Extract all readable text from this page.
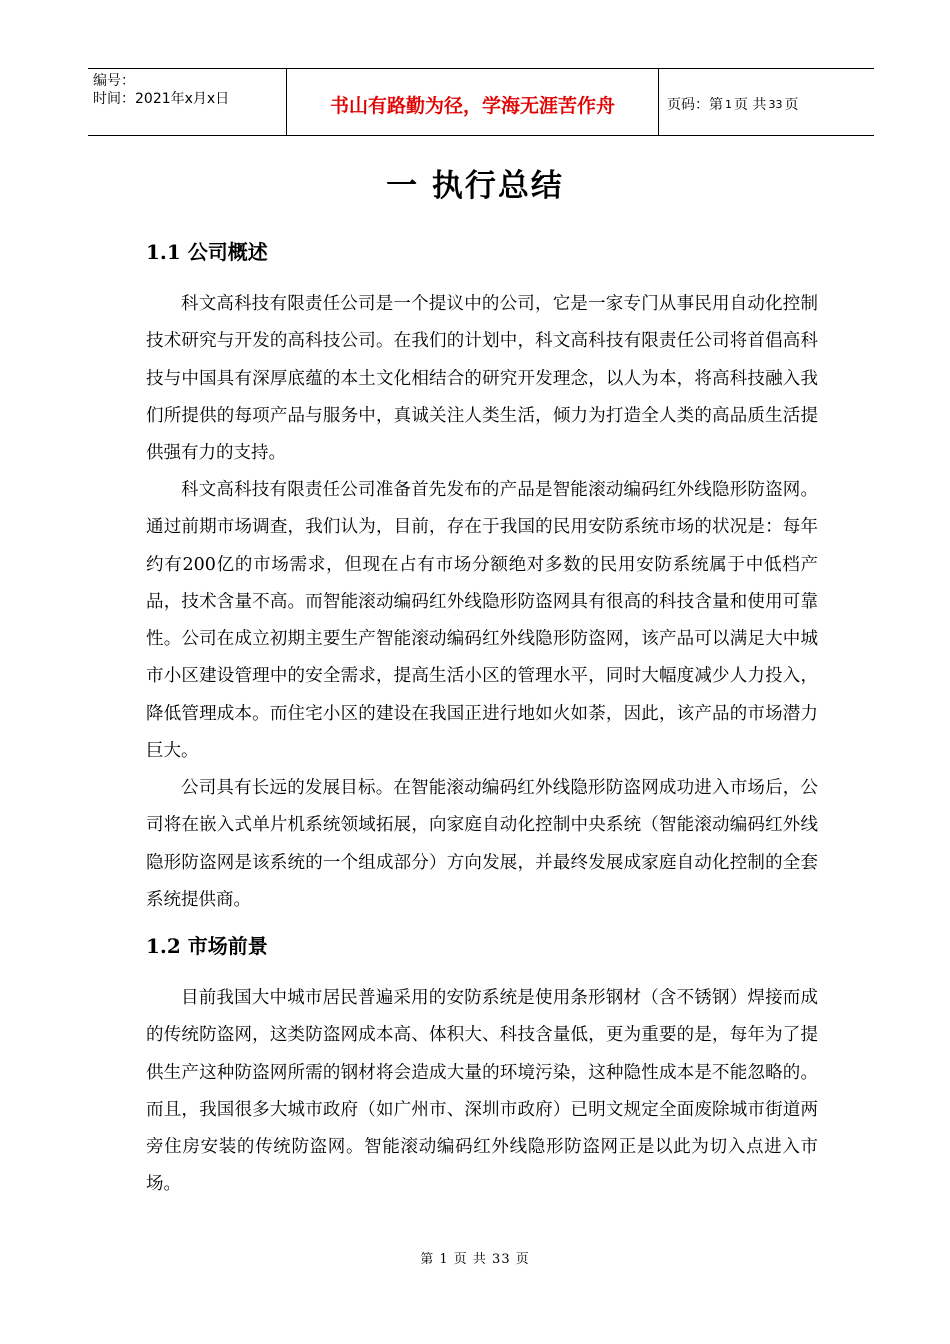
编号：
时间：2021年x月x日	书山有路勤为径，学海无涯苦作舟	页码：第 1 页 共 33 页
一 执行总结
1.1 公司概述

科文高科技有限责任公司是一个提议中的公司，它是一家专门从事民用自动化控制技术研究与开发的高科技公司。在我们的计划中，科文高科技有限责任公司将首倡高科技与中国具有深厚底蕴的本土文化相结合的研究开发理念，以人为本，将高科技融入我们所提供的每项产品与服务中，真诚关注人类生活，倾力为打造全人类的高品质生活提供强有力的支持。

科文高科技有限责任公司准备首先发布的产品是智能滚动编码红外线隐形防盗网。通过前期市场调查，我们认为，目前，存在于我国的民用安防系统市场的状况是：每年约有200亿的市场需求，但现在占有市场分额绝对多数的民用安防系统属于中低档产品，技术含量不高。而智能滚动编码红外线隐形防盗网具有很高的科技含量和使用可靠性。公司在成立初期主要生产智能滚动编码红外线隐形防盗网，该产品可以满足大中城市小区建设管理中的安全需求，提高生活小区的管理水平，同时大幅度减少人力投入，降低管理成本。而住宅小区的建设在我国正进行地如火如荼，因此，该产品的市场潜力巨大。

公司具有长远的发展目标。在智能滚动编码红外线隐形防盗网成功进入市场后，公司将在嵌入式单片机系统领域拓展，向家庭自动化控制中央系统（智能滚动编码红外线隐形防盗网是该系统的一个组成部分）方向发展，并最终发展成家庭自动化控制的全套系统提供商。

1.2 市场前景

目前我国大中城市居民普遍采用的安防系统是使用条形钢材（含不锈钢）焊接而成的传统防盗网，这类防盗网成本高、体积大、科技含量低，更为重要的是，每年为了提供生产这种防盗网所需的钢材将会造成大量的环境污染，这种隐性成本是不能忽略的。而且，我国很多大城市政府（如广州市、深圳市政府）已明文规定全面废除城市街道两旁住房安装的传统防盗网。智能滚动编码红外线隐形防盗网正是以此为切入点进入市场。

第 1 页 共 33 页
